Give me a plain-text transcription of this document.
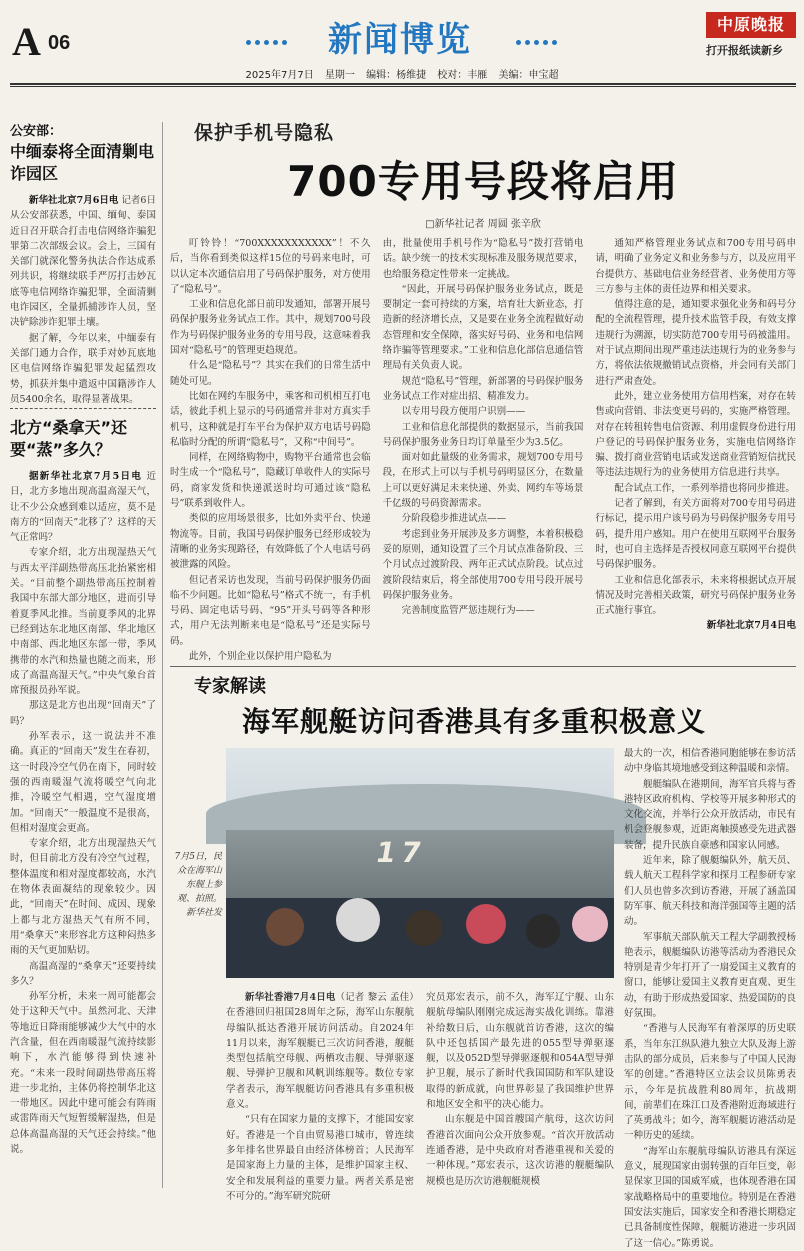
A 06	新闻博览	中原晚报
打开报纸读新乡
2025年7月7日 星期一 编辑：杨维捷 校对：丰雁 美编：申宝超
公安部：
中缅泰将全面清剿电诈园区

新华社北京7月6日电 记者6日从公安部获悉，中国、缅甸、泰国近日召开联合打击电信网络诈骗犯罪第二次部级会议。会上，三国有关部门就深化警务执法合作达成系列共识，将继续联手严厉打击妙瓦底等电信网络诈骗犯罪，全面清剿电诈园区，全量抓捕涉诈人员，坚决铲除涉诈犯罪土壤。

据了解，今年以来，中缅泰有关部门通力合作，联手对妙瓦底地区电信网络诈骗犯罪发起猛烈攻势，抓获并集中遣返中国籍涉诈人员5400余名，取得显著战果。

北方“桑拿天”还要“蒸”多久？

据新华社北京7月5日电 近日，北方多地出现高温高湿天气，让不少公众感到难以适应，莫不是南方的“回南天”北移了？这样的天气正常吗？

专家介绍，北方出现湿热天气与西太平洋副热带高压北抬紧密相关。“目前整个副热带高压控制着我国中东部大部分地区，进而引导着夏季风北推。当前夏季风的北界已经到达东北地区南部、华北地区中南部、西北地区东部一带，季风携带的水汽和热量也随之而来，形成了高温高湿天气。”中央气象台首席预报员孙军说。

那这是北方也出现“回南天”了吗？

孙军表示，这一说法并不准确。真正的“回南天”发生在春初，这一时段冷空气仍在南下，同时较强的西南暖湿气流将暖空气向北推，冷暖空气相遇，空气湿度增加。“回南天”一般温度不是很高，但相对湿度会更高。

专家介绍，北方出现湿热天气时，但目前北方没有冷空气过程，整体温度和相对湿度都较高，水汽在物体表面凝结的现象较少。因此，“回南天”在时间、成因、现象上都与北方湿热天气有所不同，用“桑拿天”来形容北方这种闷热多雨的天气更加贴切。

高温高湿的“桑拿天”还要持续多久？

孙军分析，未来一周可能都会处于这种天气中。虽然河北、天津等地近日降雨能够减少大气中的水汽含量，但在西南暖湿气流持续影响下，水汽能够得到快速补充。“未来一段时间副热带高压将进一步北抬，主体仍将控制华北这一带地区。因此中建可能会有阵雨或雷阵雨天气短暂缓解湿热，但是总体高温高湿的天气还会持续。”他说。

保护手机号隐私
700专用号段将启用
□新华社记者 周圆 张辛欣

叮铃铃！“700XXXXXXXXXXX”！不久后，当你看到类似这样15位的号码来电时，可以认定本次通信启用了号码保护服务，对方使用了“隐私号”。

工业和信息化部日前印发通知，部署开展号码保护服务业务试点工作。其中，规划700号段作为号码保护服务业务的专用号段，这意味着我国对“隐私号”的管理更趋规范。

什么是“隐私号”？其实在我们的日常生活中随处可见。

比如在网约车服务中，乘客和司机相互打电话，彼此手机上显示的号码通常并非对方真实手机号，这种就是打车平台为保护双方电话号码隐私临时分配的所谓“隐私号”，又称“中间号”。

同样，在网络购物中，购物平台通常也会临时生成一个“隐私号”，隐藏订单收件人的实际号码，商家发货和快递派送时均可通过该“隐私号”联系到收件人。

类似的应用场景很多，比如外卖平台、快递物流等。目前，我国号码保护服务已经形成较为清晰的业务实现路径，有效降低了个人电话号码被泄露的风险。

但记者采访也发现，当前号码保护服务仍面临不少问题。比如“隐私号”格式不统一，有手机号码、固定电话号码、“95”开头号码等各种形式，用户无法判断来电是“隐私号”还是实际号码。

此外，个别企业以保护用户隐私为

由，批量使用手机号作为“隐私号”拨打营销电话。缺少统一的技术实现标准及服务规范要求，也给服务稳定性带来一定挑战。

“因此，开展号码保护服务业务试点，既是要制定一套可持续的方案，培育壮大新业态，打造新的经济增长点，又是要在业务全流程做好动态管理和安全保障，落实好号码、业务和电信网络诈骗等管理要求。”工业和信息化部信息通信管理局有关负责人说。

规范“隐私号”管理，新部署的号码保护服务业务试点工作对症出招、精准发力。

以专用号段方便用户识别——

工业和信息化部提供的数据显示，当前我国号码保护服务业务日均订单量至少为3.5亿。

面对如此量级的业务需求，规划700专用号段，在形式上可以与手机号码明显区分，在数量上可以更好满足未来快递、外卖、网约车等场景千亿级的号码资源需求。

分阶段稳步推进试点——

考虑到业务开展涉及多方调整，本着积极稳妥的原则，通知设置了三个月试点准备阶段、三个月试点过渡阶段、两年正式试点阶段。试点过渡阶段结束后，将全部使用700专用号段开展号码保护服务业务。

完善制度监管严惩违规行为——

通知严格管理业务试点和700专用号码申请，明确了业务定义和业务参与方，以及应用平台提供方、基础电信业务经营者、业务使用方等三方参与主体的责任边界和相关要求。

值得注意的是，通知要求强化业务和码号分配的全流程管理，提升技术监管手段，有效支撑违规行为溯源，切实防范700专用号码被滥用。对于试点期间出现严重违法违规行为的业务参与方，将依法依规撤销试点资格，并会同有关部门进行严肃查处。

此外，建立业务使用方信用档案，对存在转售或向营销、非法变更号码的，实施严格管理。对存在转租转售电信资源、利用虚假身份进行用户登记的号码保护服务业务，实施电信网络诈骗、拨打商业营销电话或发送商业营销短信扰民等违法违规行为的业务使用方信息进行共享。

配合试点工作，一系列举措也将同步推进。

记者了解到，有关方面将对700专用号码进行标记，提示用户该号码为号码保护服务专用号码，提升用户感知。用户在使用互联网平台服务时，也可自主选择是否授权同意互联网平台提供号码保护服务。

工业和信息化部表示，未来将根据试点开展情况及时完善相关政策，研究号码保护服务业务正式施行事宜。

新华社北京7月4日电

专家解读
海军舰艇访问香港具有多重积极意义
17
7月5日，民众在海军山东舰上参观、拍照。新华社发

新华社香港7月4日电（记者 黎云 孟佳）在香港回归祖国28周年之际，海军山东舰航母编队抵达香港开展访问活动。自2024年11月以来，海军舰艇已三次访问香港，舰艇类型包括航空母舰、两栖攻击舰、导弹驱逐舰、导弹护卫舰和风帆训练舰等。数位专家学者表示，海军舰艇访问香港具有多重积极意义。

“只有在国家力量的支撑下，才能国安家好。香港是一个自由贸易港口城市，曾连续多年排名世界最自由经济体榜首；人民海军是国家海上力量的主体，是维护国家主权、安全和发展利益的重要力量。两者关系是密不可分的。”海军研究院研

究员郑宏表示，前不久，海军辽宁舰、山东舰航母编队刚刚完成远海实战化训练。靠港补给数日后，山东舰就首访香港，这次的编队中还包括国产最先进的055型导弹驱逐舰，以及052D型导弹驱逐舰和054A型导弹护卫舰，展示了新时代我国国防和军队建设取得的新成就，向世界彰显了我国维护世界和地区安全和平的决心能力。

山东舰是中国首艘国产航母，这次访问香港首次面向公众开放参观。“首次开放活动连通香港，是中央政府对香港重视和关爱的一种体现。”郑宏表示，这次访港的舰艇编队规模也是历次访港舰艇规模

最大的一次，相信香港同胞能够在参访活动中身临其境地感受到这种温暖和亲情。

舰艇编队在港期间，海军官兵将与香港特区政府机构、学校等开展多种形式的文化交流，并举行公众开放活动，市民有机会登舰参观，近距离触摸感受先进武器装备，提升民族自豪感和国家认同感。

近年来，除了舰艇编队外，航天员、载人航天工程科学家和探月工程参研专家们人员也曾多次到访香港，开展了涵盖国防军事、航天科技和海洋强国等主题的活动。

军事航天部队航天工程大学副教授杨艳表示，舰艇编队访港等活动为香港民众特别是青少年打开了一扇爱国主义教育的窗口，能够让爱国主义教育更直观、更生动，有助于形成热爱国家、热爱国防的良好氛围。

“香港与人民海军有着深厚的历史联系，当年东江纵队港九独立大队及海上游击队的部分成员，后来参与了中国人民海军的创建。”香港特区立法会议员陈勇表示，今年是抗战胜利80周年，抗战期间，前辈们在珠江口及香港附近海域进行了英勇战斗；如今，海军舰艇访港活动是一种历史的延续。

“海军山东舰航母编队访港具有深远意义，展现国家由弱转强的百年巨变，彰显保家卫国的国威军威，也体现香港在国家战略格局中的重要地位。特别是在香港国安法实施后，国家安全和香港长期稳定已具备制度性保障，舰艇访港进一步巩固了这一信心。”陈勇说。
